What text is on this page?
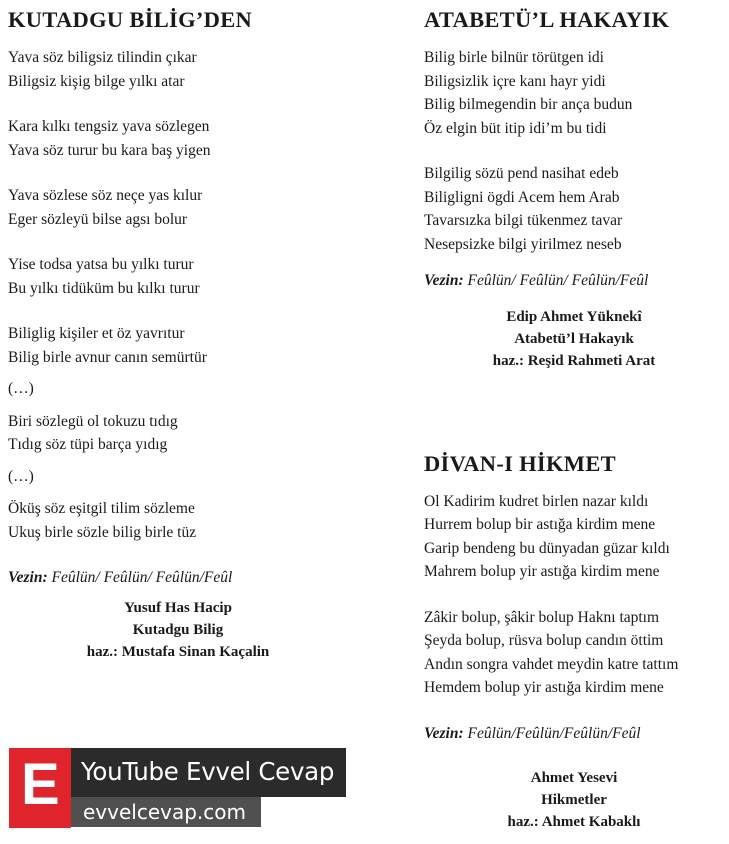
KUTADGU BİLİG’DEN

Yava söz biligsiz tilindin çıkar
Biligsiz kişig bilge yılkı atar

Kara kılkı tengsiz yava sözlegen
Yava söz turur bu kara baş yigen

Yava sözlese söz neçe yas kılur
Eger sözleyü bilse agsı bolur

Yise todsa yatsa bu yılkı turur
Bu yılkı tidüküm bu kılkı turur

Biliglig kişiler et öz yavrıtur
Bilig birle avnur canın semürtür

(…)

Biri sözlegü ol tokuzu tıdıg
Tıdıg söz tüpi barça yıdıg

(…)

Öküş söz eşitgil tilim sözleme
Ukuş birle sözle bilig birle tüz

Vezin: Feûlün/ Feûlün/ Feûlün/Feûl
Yusuf Has Hacip
Kutadgu Bilig
haz.: Mustafa Sinan Kaçalin
ATABETÜ’L HAKAYIK

Bilig birle bilnür törütgen idi
Biligsizlik içre kanı hayr yidi
Bilig bilmegendin bir ança budun
Öz elgin büt itip idi’m bu tidi

Bilgilig sözü pend nasihat edeb
Biligligni ögdi Acem hem Arab
Tavarsızka bilgi tükenmez tavar
Nesepsizke bilgi yirilmez neseb

Vezin: Feûlün/ Feûlün/ Feûlün/Feûl
Edip Ahmet Yüknekî
Atabetü’l Hakayık
haz.: Reşid Rahmeti Arat
DİVAN-I HİKMET

Ol Kadirim kudret birlen nazar kıldı
Hurrem bolup bir astığa kirdim mene
Garip bendeng bu dünyadan güzar kıldı
Mahrem bolup yir astığa kirdim mene

Zâkir bolup, şâkir bolup Haknı taptım
Şeyda bolup, rüsva bolup candın öttim
Andın songra vahdet meydin katre tattım
Hemdem bolup yir astığa kirdim mene

Vezin: Feûlün/Feûlün/Feûlün/Feûl
Ahmet Yesevi
Hikmetler
haz.: Ahmet Kabaklı
E YouTube Evvel Cevap
evvelcevap.com
